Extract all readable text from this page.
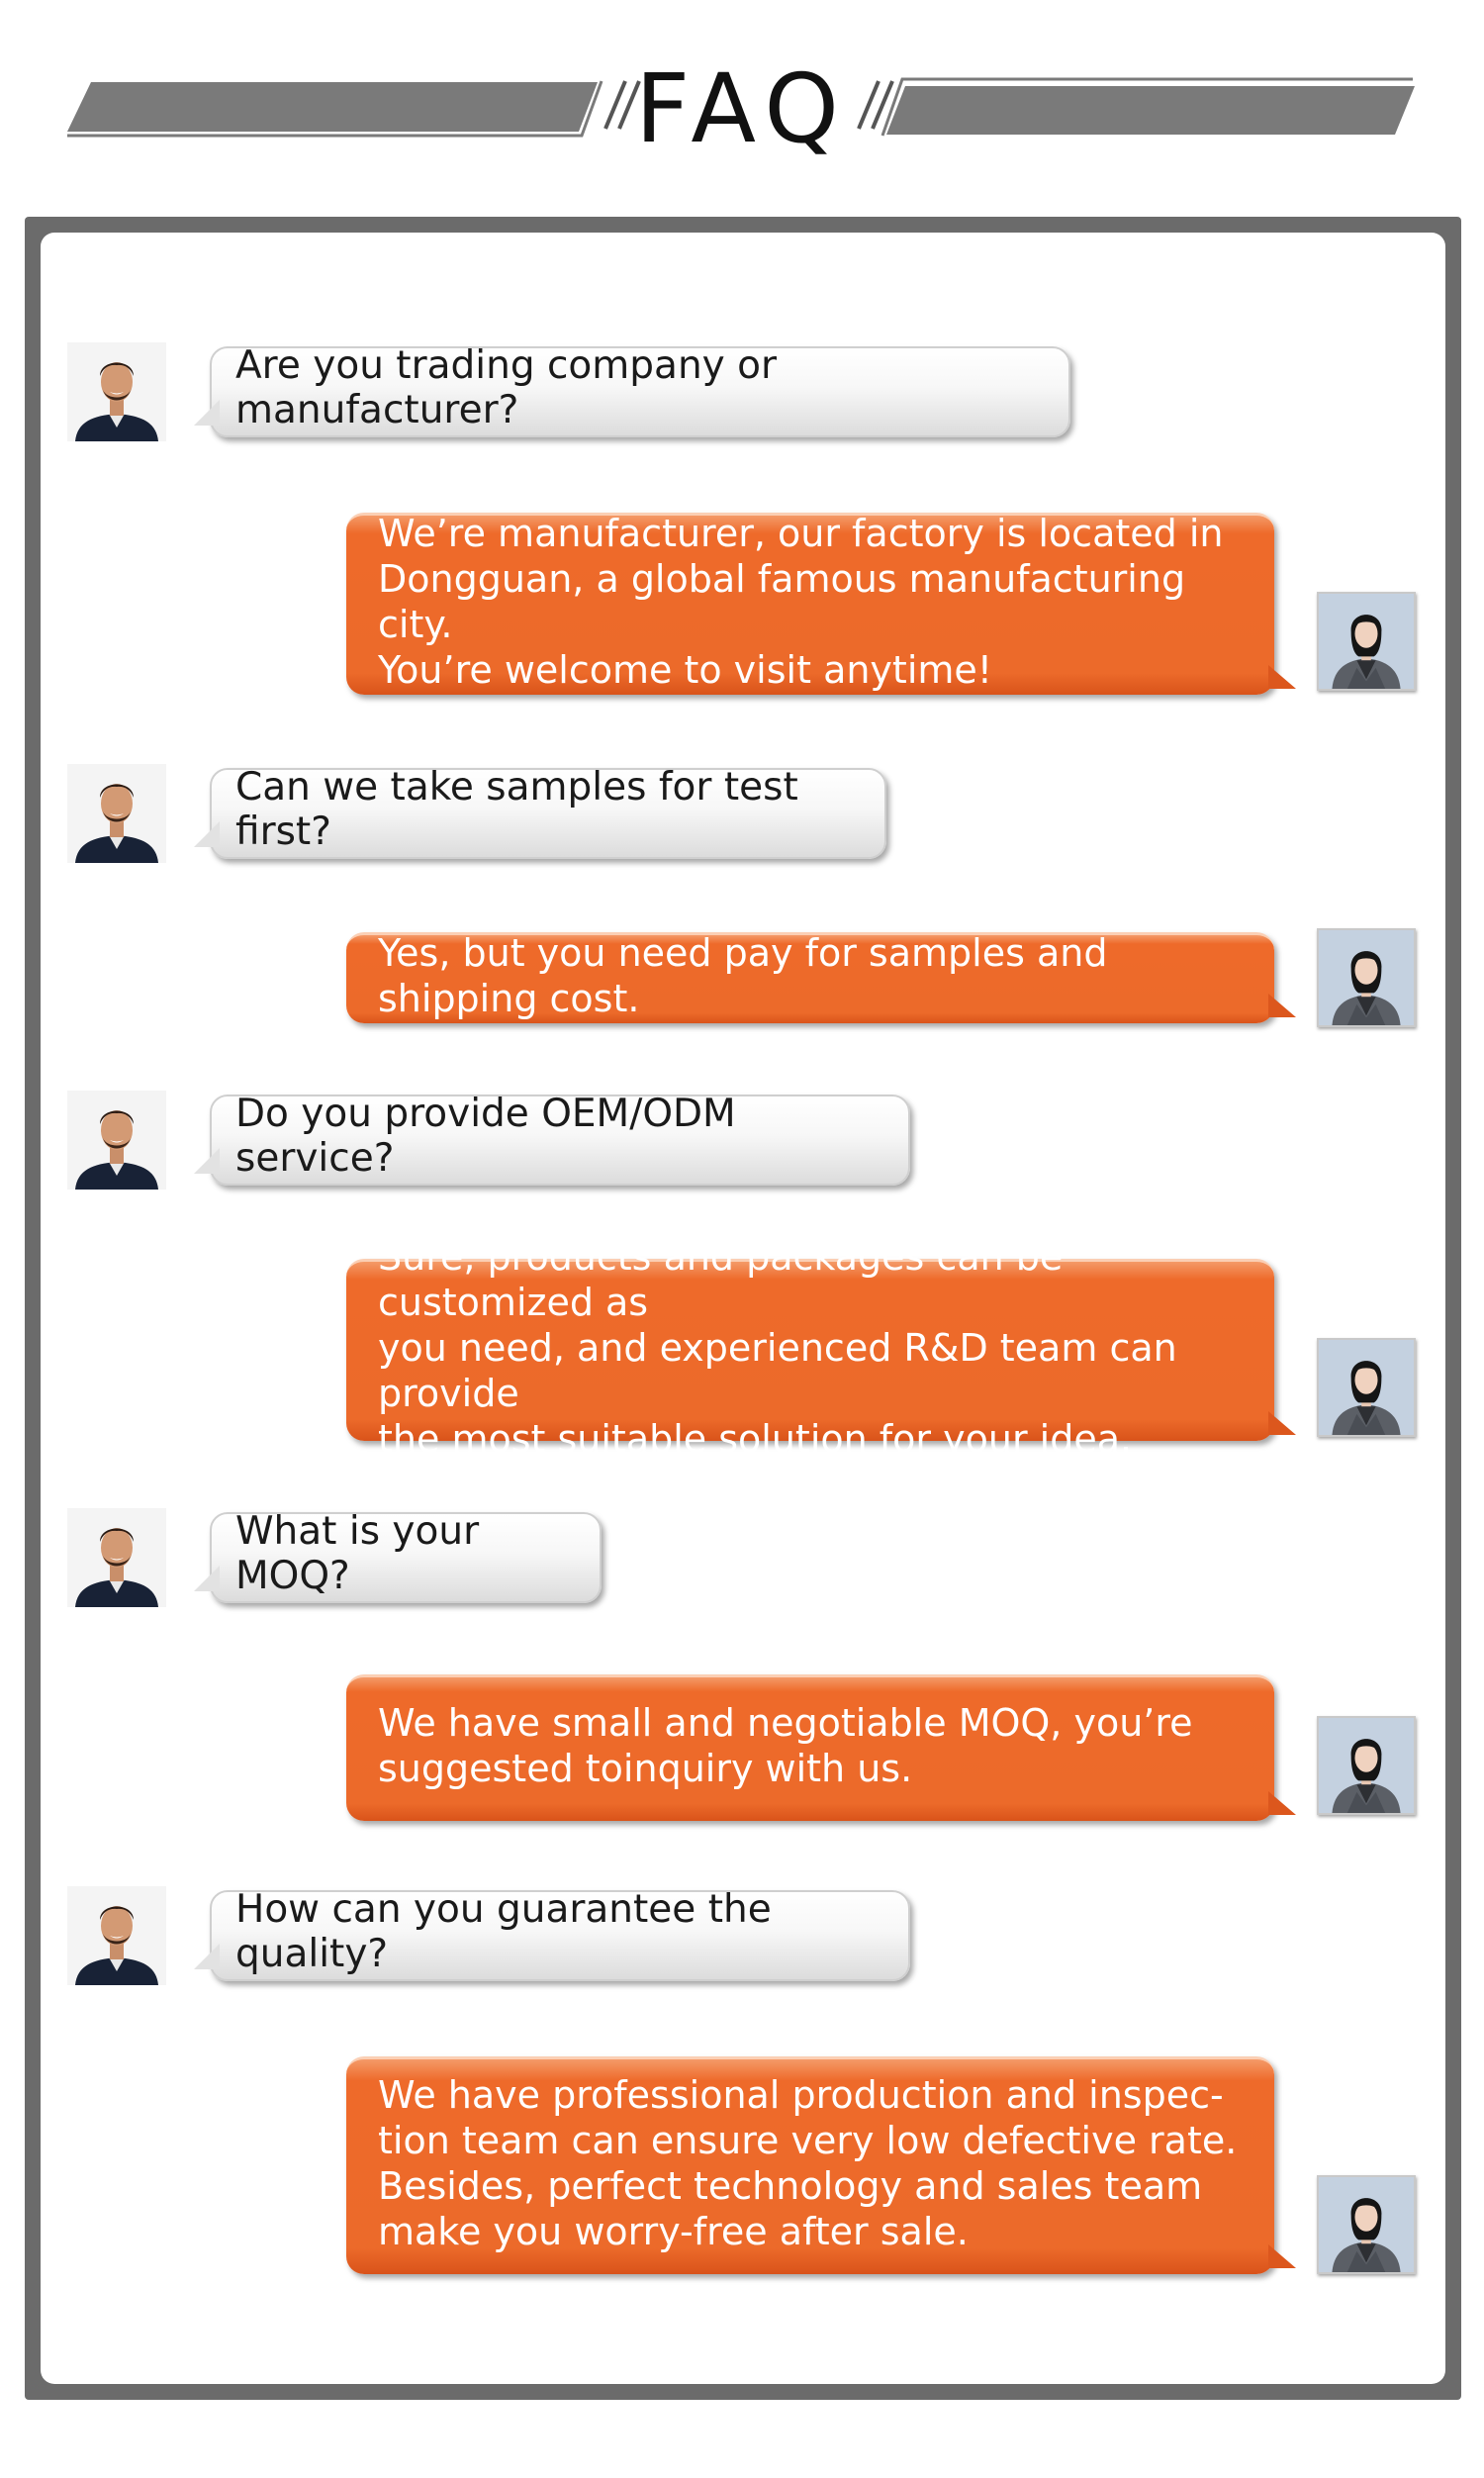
FAQ
Are you trading company or manufacturer?
We’re manufacturer, our factory is located in
Dongguan, a global famous manufacturing city.
You’re welcome to visit anytime!
Can we take samples for test first?
Yes, but you need pay for samples and shipping cost.
Do you provide OEM/ODM service?
Sure, products and packages can be customized as
you need, and experienced R&D team can provide
the most suitable solution for your idea.
What is your MOQ?
We have small and negotiable MOQ, you’re
suggested toinquiry with us.
How can you guarantee the quality?
We have professional production and inspec-
tion team can ensure very low defective rate.
Besides, perfect technology and sales team
make you worry-free after sale.
